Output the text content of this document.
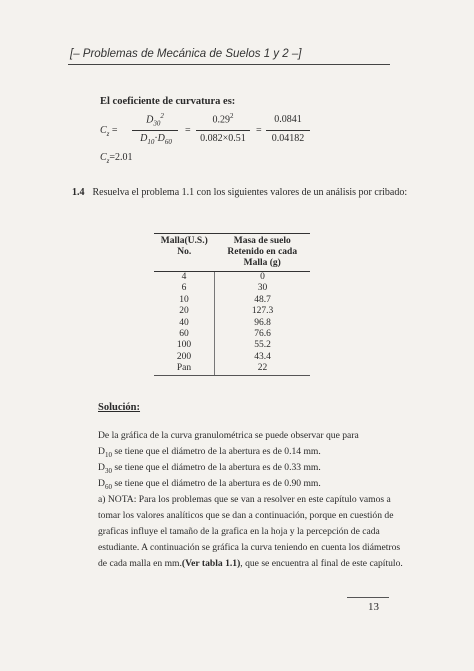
[– Problemas de Mecánica de Suelos 1 y 2 –]
El coeficiente de curvatura es:
$C_z$ =
$D_{30}^2$
$D_{10}\cdot D_{60}$
=
$0.29^2$
0.082×0.51
=
0.0841
0.04182
$C_z=2.01$
1.4 Resuelva el problema 1.1 con los siguientes valores de un análisis por cribado:
Malla(U.S.)
No.	Masa de suelo
Retenido en cada
Malla (g)
4	0
6	30
10	48.7
20	127.3
40	96.8
60	76.6
100	55.2
200	43.4
Pan	22
Solución:
De la gráfica de la curva granulométrica se puede observar que para
$D_{10}$ se tiene que el diámetro de la abertura es de 0.14 mm.
$D_{30}$ se tiene que el diámetro de la abertura es de 0.33 mm.
$D_{60}$ se tiene que el diámetro de la abertura es de 0.90 mm.
a) NOTA: Para los problemas que se van a resolver en este capítulo vamos a
tomar los valores analíticos que se dan a continuación, porque en cuestión de
graficas influye el tamaño de la grafica en la hoja y la percepción de cada
estudiante. A continuación se gráfica la curva teniendo en cuenta los diámetros
de cada malla en mm.(Ver tabla 1.1), que se encuentra al final de este capítulo.
13
